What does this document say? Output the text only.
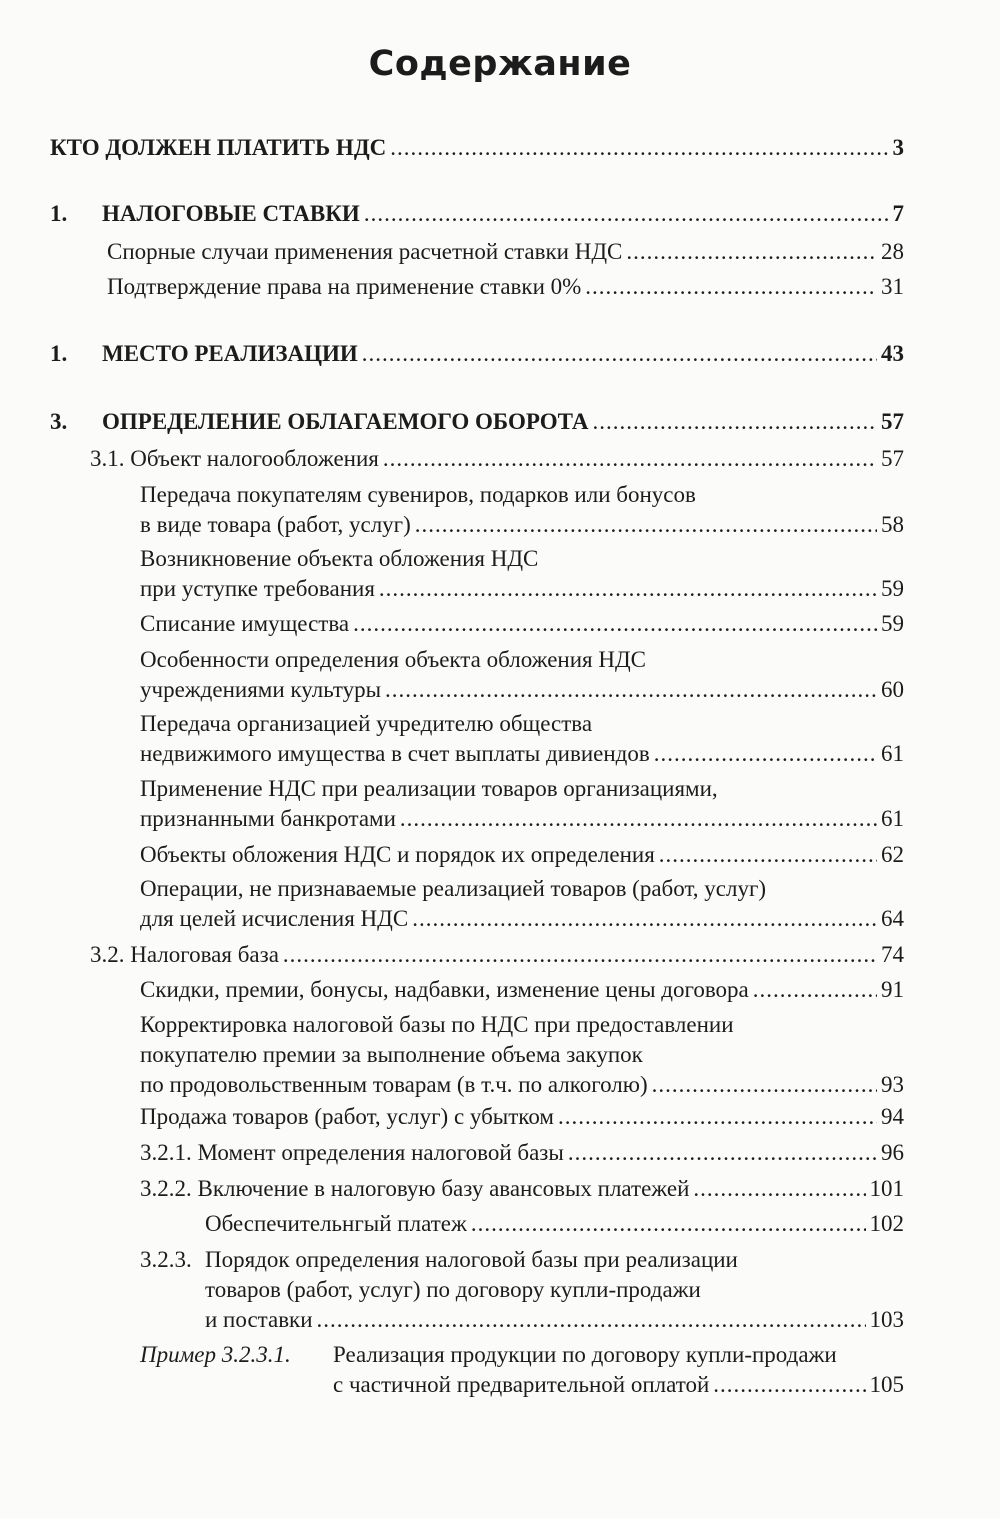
Содержание
КТО ДОЛЖЕН ПЛАТИТЬ НДС .....	3
1. НАЛОГОВЫЕ СТАВКИ .....	7
Спорные случаи применения расчетной ставки НДС .....	28
Подтверждение права на применение ставки 0% .....	31
1. МЕСТО РЕАЛИЗАЦИИ .....	43
3. ОПРЕДЕЛЕНИЕ ОБЛАГАЕМОГО ОБОРОТА .....	57
3.1. Объект налогообложения .....	57
Передача покупателям сувениров, подарков или бонусов
в виде товара (работ, услуг) .....	58
Возникновение объекта обложения НДС
при уступке требования .....	59
Списание имущества .....	59
Особенности определения объекта обложения НДС
учреждениями культуры .....	60
Передача организацией учредителю общества
недвижимого имущества в счет выплаты дивиендов .....	61
Применение НДС при реализации товаров организациями,
признанными банкротами .....	61
Объекты обложения НДС и порядок их определения .....	62
Операции, не признаваемые реализацией товаров (работ, услуг)
для целей исчисления НДС .....	64
3.2. Налоговая база .....	74
Скидки, премии, бонусы, надбавки, изменение цены договора .....	91
Корректировка налоговой базы по НДС при предоставлении
покупателю премии за выполнение объема закупок
по продовольственным товарам (в т.ч. по алкоголю) .....	93
Продажа товаров (работ, услуг) с убытком .....	94
3.2.1. Момент определения налоговой базы .....	96
3.2.2. Включение в налоговую базу авансовых платежей .....	101
Обеспечительнгый платеж .....	102
3.2.3. Порядок определения налоговой базы при реализации
товаров (работ, услуг) по договору купли-продажи
и поставки .....	103
Пример 3.2.3.1. Реализация продукции по договору купли-продажи
с частичной предварительной оплатой .....	105
